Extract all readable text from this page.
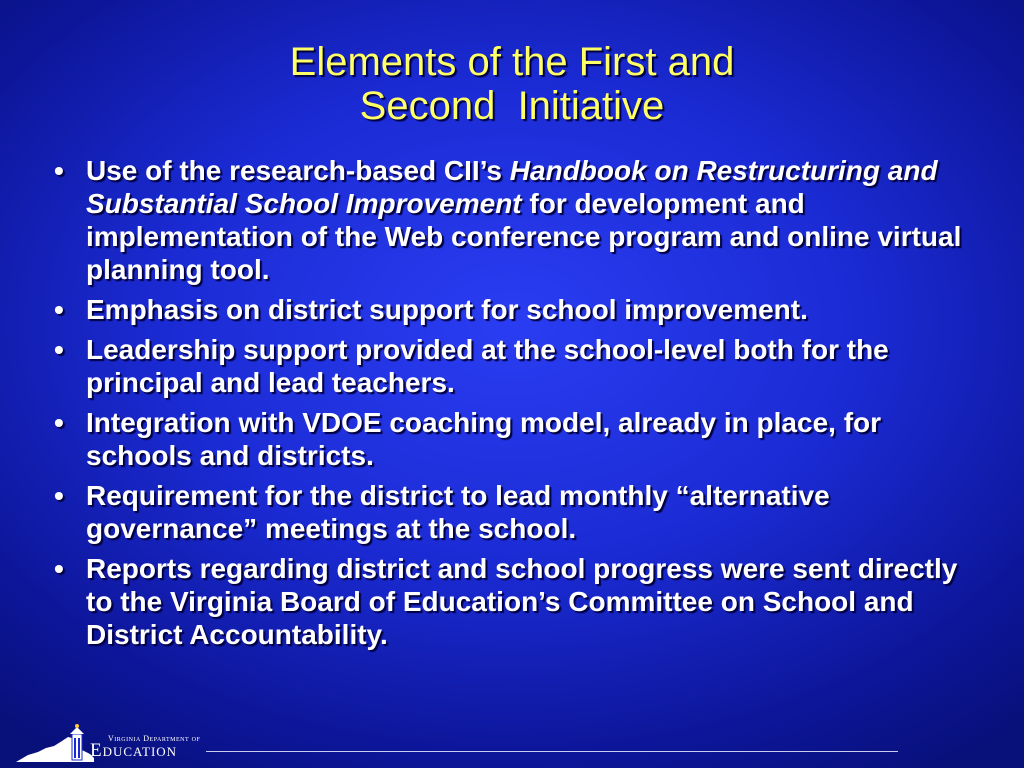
Elements of the First and
Second  Initiative
• Use of the research-based CII’s Handbook on Restructuring and Substantial School Improvement for development and implementation of the Web conference program and online virtual planning tool.
• Emphasis on district support for school improvement.
• Leadership support provided at the school-level both for the principal and lead teachers.
• Integration with VDOE coaching model, already in place, for schools and districts.
• Requirement for the district to lead monthly “alternative governance” meetings at the school.
• Reports regarding district and school progress were sent directly to the Virginia Board of Education’s Committee on School and District Accountability.
Virginia Department of
Education
